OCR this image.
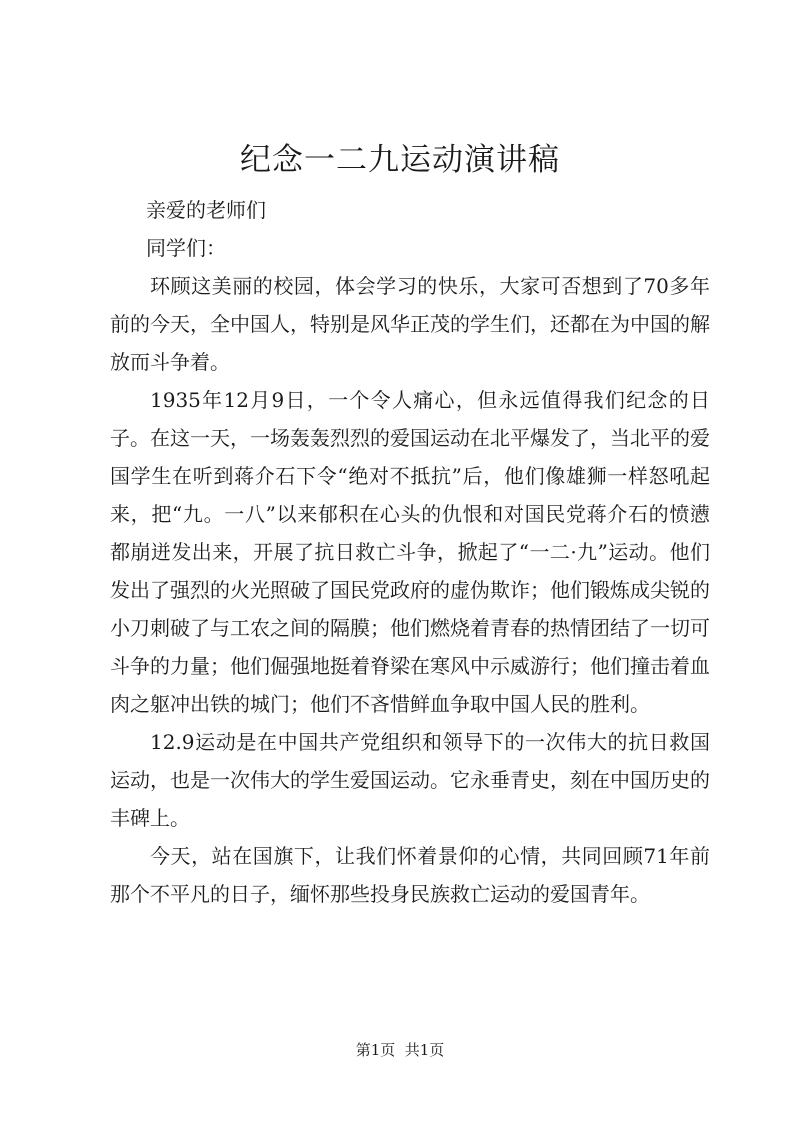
纪念一二九运动演讲稿

亲爱的老师们

同学们：

环顾这美丽的校园，体会学习的快乐，大家可否想到了70多年前的今天，全中国人，特别是风华正茂的学生们，还都在为中国的解放而斗争着。

1935年12月9日，一个令人痛心，但永远值得我们纪念的日子。在这一天，一场轰轰烈烈的爱国运动在北平爆发了，当北平的爱国学生在听到蒋介石下令“绝对不抵抗”后，他们像雄狮一样怒吼起来，把“九。一八”以来郁积在心头的仇恨和对国民党蒋介石的愤懑都崩迸发出来，开展了抗日救亡斗争，掀起了“一二·九”运动。他们发出了强烈的火光照破了国民党政府的虚伪欺诈；他们锻炼成尖锐的小刀刺破了与工农之间的隔膜；他们燃烧着青春的热情团结了一切可斗争的力量；他们倔强地挺着脊梁在寒风中示威游行；他们撞击着血肉之躯冲出铁的城门；他们不吝惜鲜血争取中国人民的胜利。

12.9运动是在中国共产党组织和领导下的一次伟大的抗日救国运动，也是一次伟大的学生爱国运动。它永垂青史，刻在中国历史的丰碑上。

今天，站在国旗下，让我们怀着景仰的心情，共同回顾71年前那个不平凡的日子，缅怀那些投身民族救亡运动的爱国青年。

第1页  共1页
